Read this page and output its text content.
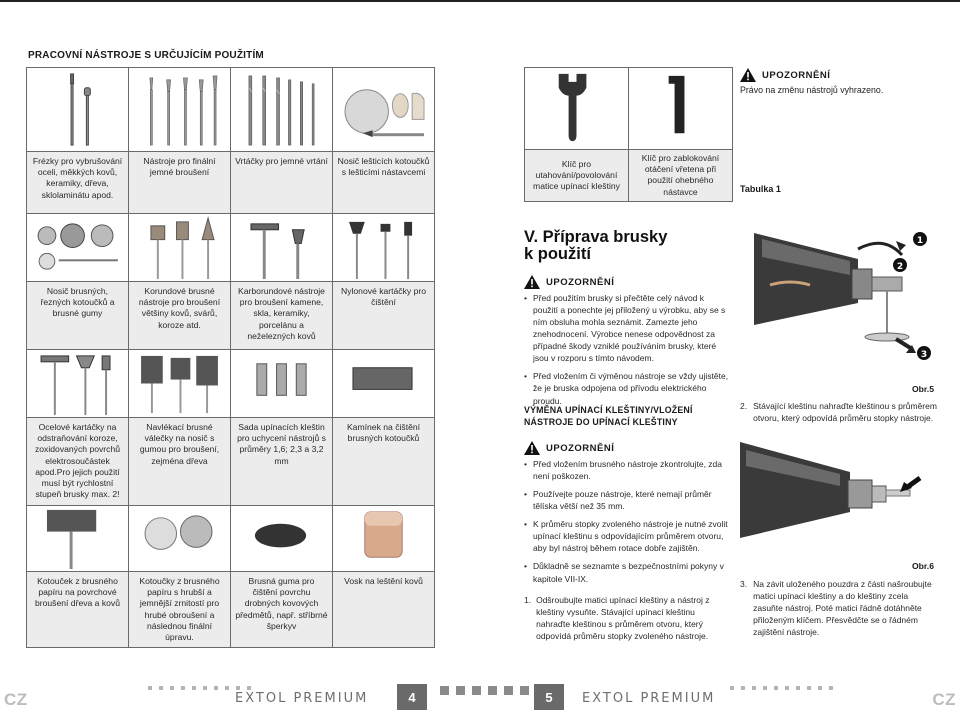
PRACOVNÍ NÁSTROJE S URČUJÍCÍM POUŽITÍM

Frézky pro vybrušování oceli, měkkých kovů, keramiky, dřeva, sklolaminátu apod.	Nástroje pro finální jemné broušení	Vrtáčky pro jemné vrtání	Nosič lešticích kotoučků s lešticími nástavcemi

Nosič brusných, řezných kotoučků a brusné gumy	Korundové brusné nástroje pro broušení většiny kovů, svárů, koroze atd.	Karborundové nástroje pro broušení kamene, skla, keramiky, porcelánu a neželezných kovů	Nylonové kartáčky pro čištění

Ocelové kartáčky na odstraňování koroze, zoxidovaných povrchů elektrosoučástek apod.Pro jejich použití musí být rychlostní stupeň brusky max. 2!	Navlékací brusné válečky na nosič s gumou pro broušení, zejména dřeva	Sada upínacích kleštin pro uchycení nástrojů s průměry 1,6; 2,3 a 3,2 mm	Kamínek na čištění brusných kotoučků

Kotouček z brusného papíru na povrchové broušení dřeva a kovů	Kotoučky z brusného papíru s hrubší a jemnější zrnitostí pro hrubé obroušení a následnou finální úpravu.	Brusná guma pro čištění povrchu drobných kovových předmětů, např. stříbrné šperkyv	Vosk na leštění kovů

Klíč pro utahování/povolování matice upínací kleštiny	Klíč pro zablokování otáčení vřetena při použití ohebného nástavce
UPOZORNĚNÍ
Právo na změnu nástrojů vyhrazeno.
Tabulka 1
V. Příprava brusky
k použití
UPOZORNĚNÍ
• Před použitím brusky si přečtěte celý návod k použití a ponechte jej přiložený u výrobku, aby se s ním obsluha mohla seznámit. Zamezte jeho znehodnocení. Výrobce nenese odpovědnost za případné škody vzniklé používáním brusky, které jsou v rozporu s tímto návodem.
• Před vložením či výměnou nástroje se vždy ujistěte, že je bruska odpojena od přívodu elektrického proudu.
VÝMĚNA UPÍNACÍ KLEŠTINY/VLOŽENÍ NÁSTROJE DO UPÍNACÍ KLEŠTINY
UPOZORNĚNÍ
• Před vložením brusného nástroje zkontrolujte, zda není poškozen.
• Používejte pouze nástroje, které nemají průměr tělíska větší než 35 mm.
• K průměru stopky zvoleného nástroje je nutné zvolit upínací kleštinu s odpovídajícím průměrem otvoru, aby byl nástroj během rotace dobře zajištěn.
• Důkladně se seznamte s bezpečnostními pokyny v kapitole VII-IX.
1. Odšroubujte matici upínací kleštiny a nástroj z kleštiny vysuňte. Stávající upínací kleštinu nahraďte kleštinou s průměrem otvoru, který odpovídá průměru stopky zvoleného nástroje.
1
2
3
Obr.5
2. Stávající kleštinu nahraďte kleštinou s průměrem otvoru, který odpovídá průměru stopky nástroje.
Obr.6
3. Na závit uloženého pouzdra z části našroubujte matici upínací kleštiny a do kleštiny zcela zasuňte nástroj. Poté matici řádně dotáhněte přiloženým klíčem. Přesvědčte se o řádném zajištění nástroje.
CZ	EXTOL PREMIUM	4	5	EXTOL PREMIUM	CZ
